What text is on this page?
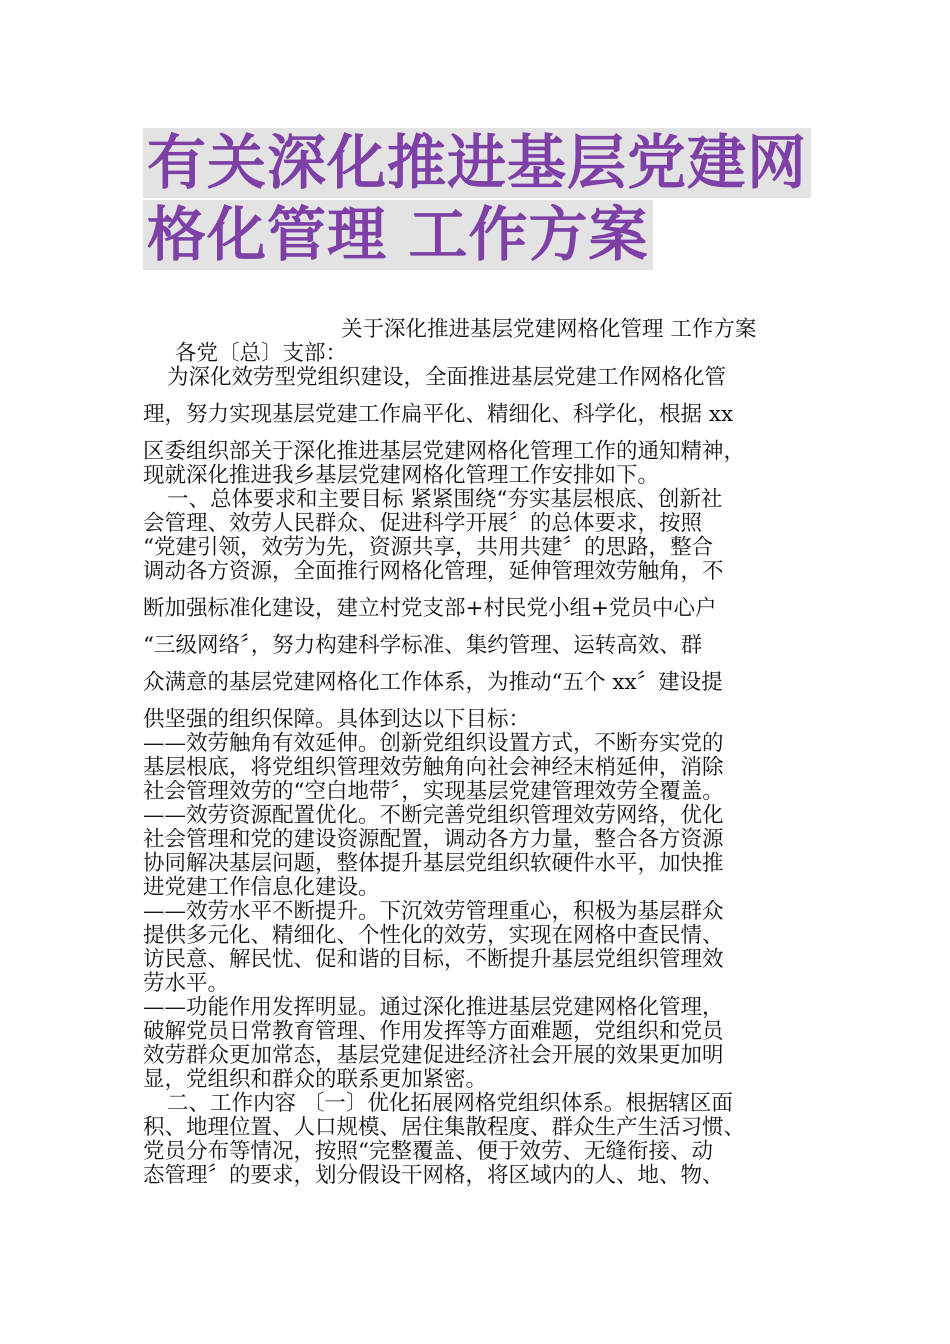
有关深化推进基层党建网
格化管理 工作方案
关于深化推进基层党建网格化管理 工作方案
各党〔总〕支部：
为深化效劳型党组织建设，全面推进基层党建工作网格化管
理，努力实现基层党建工作扁平化、精细化、科学化，根据 xx
区委组织部关于深化推进基层党建网格化管理工作的通知精神，
现就深化推进我乡基层党建网格化管理工作安排如下。
一、总体要求和主要目标 紧紧围绕“夯实基层根底、创新社
会管理、效劳人民群众、促进科学开展〞的总体要求，按照
“党建引领，效劳为先，资源共享，共用共建〞的思路，整合
调动各方资源，全面推行网格化管理，延伸管理效劳触角，不
断加强标准化建设，建立村党支部+村民党小组+党员中心户
“三级网络〞，努力构建科学标准、集约管理、运转高效、群
众满意的基层党建网格化工作体系，为推动“五个 xx〞建设提
供坚强的组织保障。具体到达以下目标：
——效劳触角有效延伸。创新党组织设置方式，不断夯实党的
基层根底，将党组织管理效劳触角向社会神经末梢延伸，消除
社会管理效劳的“空白地带〞，实现基层党建管理效劳全覆盖。
——效劳资源配置优化。不断完善党组织管理效劳网络，优化
社会管理和党的建设资源配置，调动各方力量，整合各方资源
协同解决基层问题，整体提升基层党组织软硬件水平，加快推
进党建工作信息化建设。
——效劳水平不断提升。下沉效劳管理重心，积极为基层群众
提供多元化、精细化、个性化的效劳，实现在网格中查民情、
访民意、解民忧、促和谐的目标，不断提升基层党组织管理效
劳水平。
——功能作用发挥明显。通过深化推进基层党建网格化管理，
破解党员日常教育管理、作用发挥等方面难题，党组织和党员
效劳群众更加常态，基层党建促进经济社会开展的效果更加明
显，党组织和群众的联系更加紧密。
二、工作内容 〔一〕优化拓展网格党组织体系。根据辖区面
积、地理位置、人口规模、居住集散程度、群众生产生活习惯、
党员分布等情况，按照“完整覆盖、便于效劳、无缝衔接、动
态管理〞的要求，划分假设干网格，将区域内的人、地、物、
